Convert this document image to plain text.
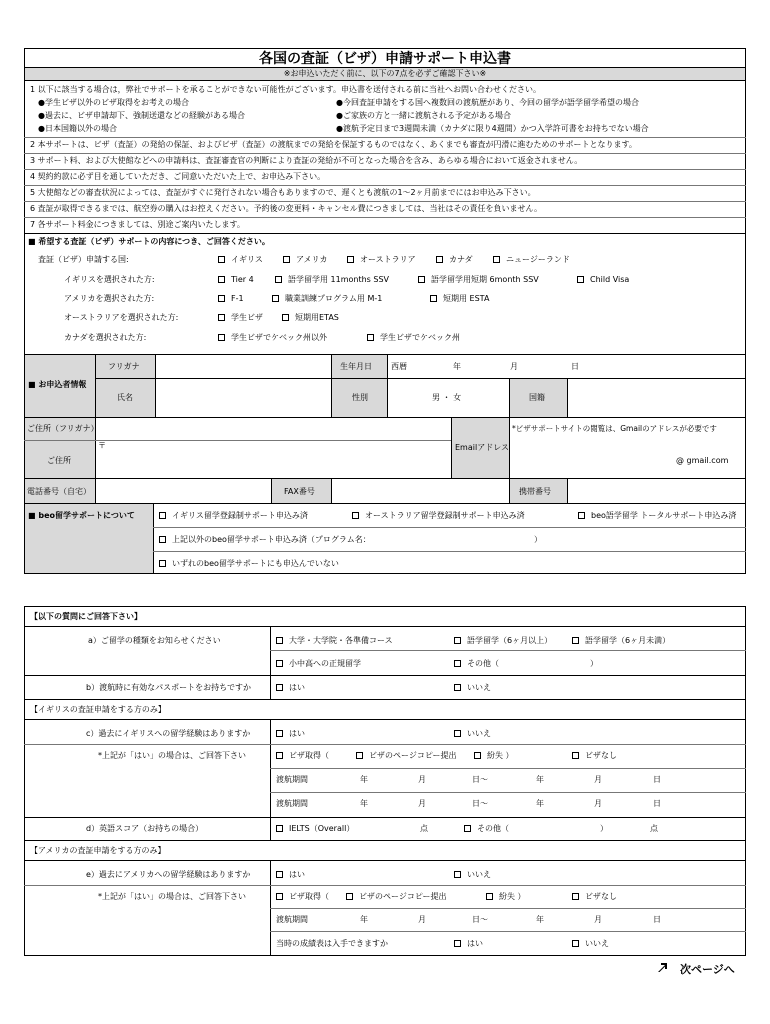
各国の査証（ビザ）申請サポート申込書
※お申込いただく前に、以下の7点を必ずご確認下さい※
1 以下に該当する場合は，弊社でサポートを承ることができない可能性がございます。申込書を送付される前に当社へお問い合わせください。
●学生ビザ以外のビザ取得をお考えの場合
●過去に、ビザ申請却下、強制送還などの経験がある場合
●日本国籍以外の場合
●今回査証申請をする国へ複数回の渡航歴があり、今回の留学が語学留学希望の場合
●ご家族の方と一緒に渡航される予定がある場合
●渡航予定日まで3週間未満（カナダに限り4週間）かつ入学許可書をお持ちでない場合
2 本サポートは、ビザ（査証）の発給の保証、およびビザ（査証）の渡航までの発給を保証するものではなく、あくまでも審査が円滑に進むためのサポートとなります。
3 サポート料、および大使館などへの申請料は、査証審査官の判断により査証の発給が不可となった場合を含み、あらゆる場合において返金されません。
4 契約約款に必ず目を通していただき、ご同意いただいた上で、お申込み下さい。
5 大使館などの審査状況によっては、査証がすぐに発行されない場合もありますので、遅くとも渡航の1～2ヶ月前までにはお申込み下さい。
6 査証が取得できるまでは、航空券の購入はお控えください。予約後の変更料・キャンセル費につきましては、当社はその責任を負いません。
7 各サポート料金につきましては、別途ご案内いたします。
■ 希望する査証（ビザ）サポートの内容につき、ご回答ください。
査証（ビザ）申請する国:	イギリス	アメリカ	オーストラリア	カナダ	ニュージーランド
イギリスを選択された方:	Tier 4	語学留学用 11months SSV	語学留学用短期 6month SSV	Child Visa
アメリカを選択された方:	F-1	職業訓練プログラム用 M-1	短期用 ESTA
オーストラリアを選択された方:	学生ビザ	短期用ETAS
カナダを選択された方:	学生ビザでケベック州以外	学生ビザでケベック州
■ お申込者情報
フリガナ	生年月日 西暦	年	月	日
氏名	性別	男 ・ 女	国籍
ご住所（フリガナ）	*ビザサポートサイトの閲覧は、Gmailのアドレスが必要です
〒
ご住所
Emailアドレス
@ gmail.com
電話番号（自宅）	FAX番号	携帯番号
■ beo留学サポートについて	イギリス留学登録制サポート申込み済	オーストラリア留学登録制サポート申込み済	beo語学留学 トータルサポート申込み済
上記以外のbeo留学サポート申込み済（プログラム名：	）
いずれのbeo留学サポートにも申込んでいない
【以下の質問にご回答下さい】
a）ご留学の種類をお知らせください	大学・大学院・各準備コース	語学留学（6ヶ月以上）	語学留学（6ヶ月未満）
小中高への正規留学	その他（	）
b）渡航時に有効なパスポートをお持ちですか	はい	いいえ
【イギリスの査証申請をする方のみ】
c）過去にイギリスへの留学経験はありますか	はい	いいえ
*上記が「はい」の場合は、ご回答下さい	ビザ取得（	ビザのページコピー提出	紛失 ）	ビザなし
渡航期間	年	月	日～	年	月	日
渡航期間	年	月	日～	年	月	日
d）英語スコア（お持ちの場合）	IELTS（Overall）	点	その他（	）	点
【アメリカの査証申請をする方のみ】
e）過去にアメリカへの留学経験はありますか	はい	いいえ
*上記が「はい」の場合は、ご回答下さい	ビザ取得（	ビザのページコピー提出	紛失 ）	ビザなし
渡航期間	年	月	日～	年	月	日
当時の成績表は入手できますか	はい	いいえ
次ページへ
